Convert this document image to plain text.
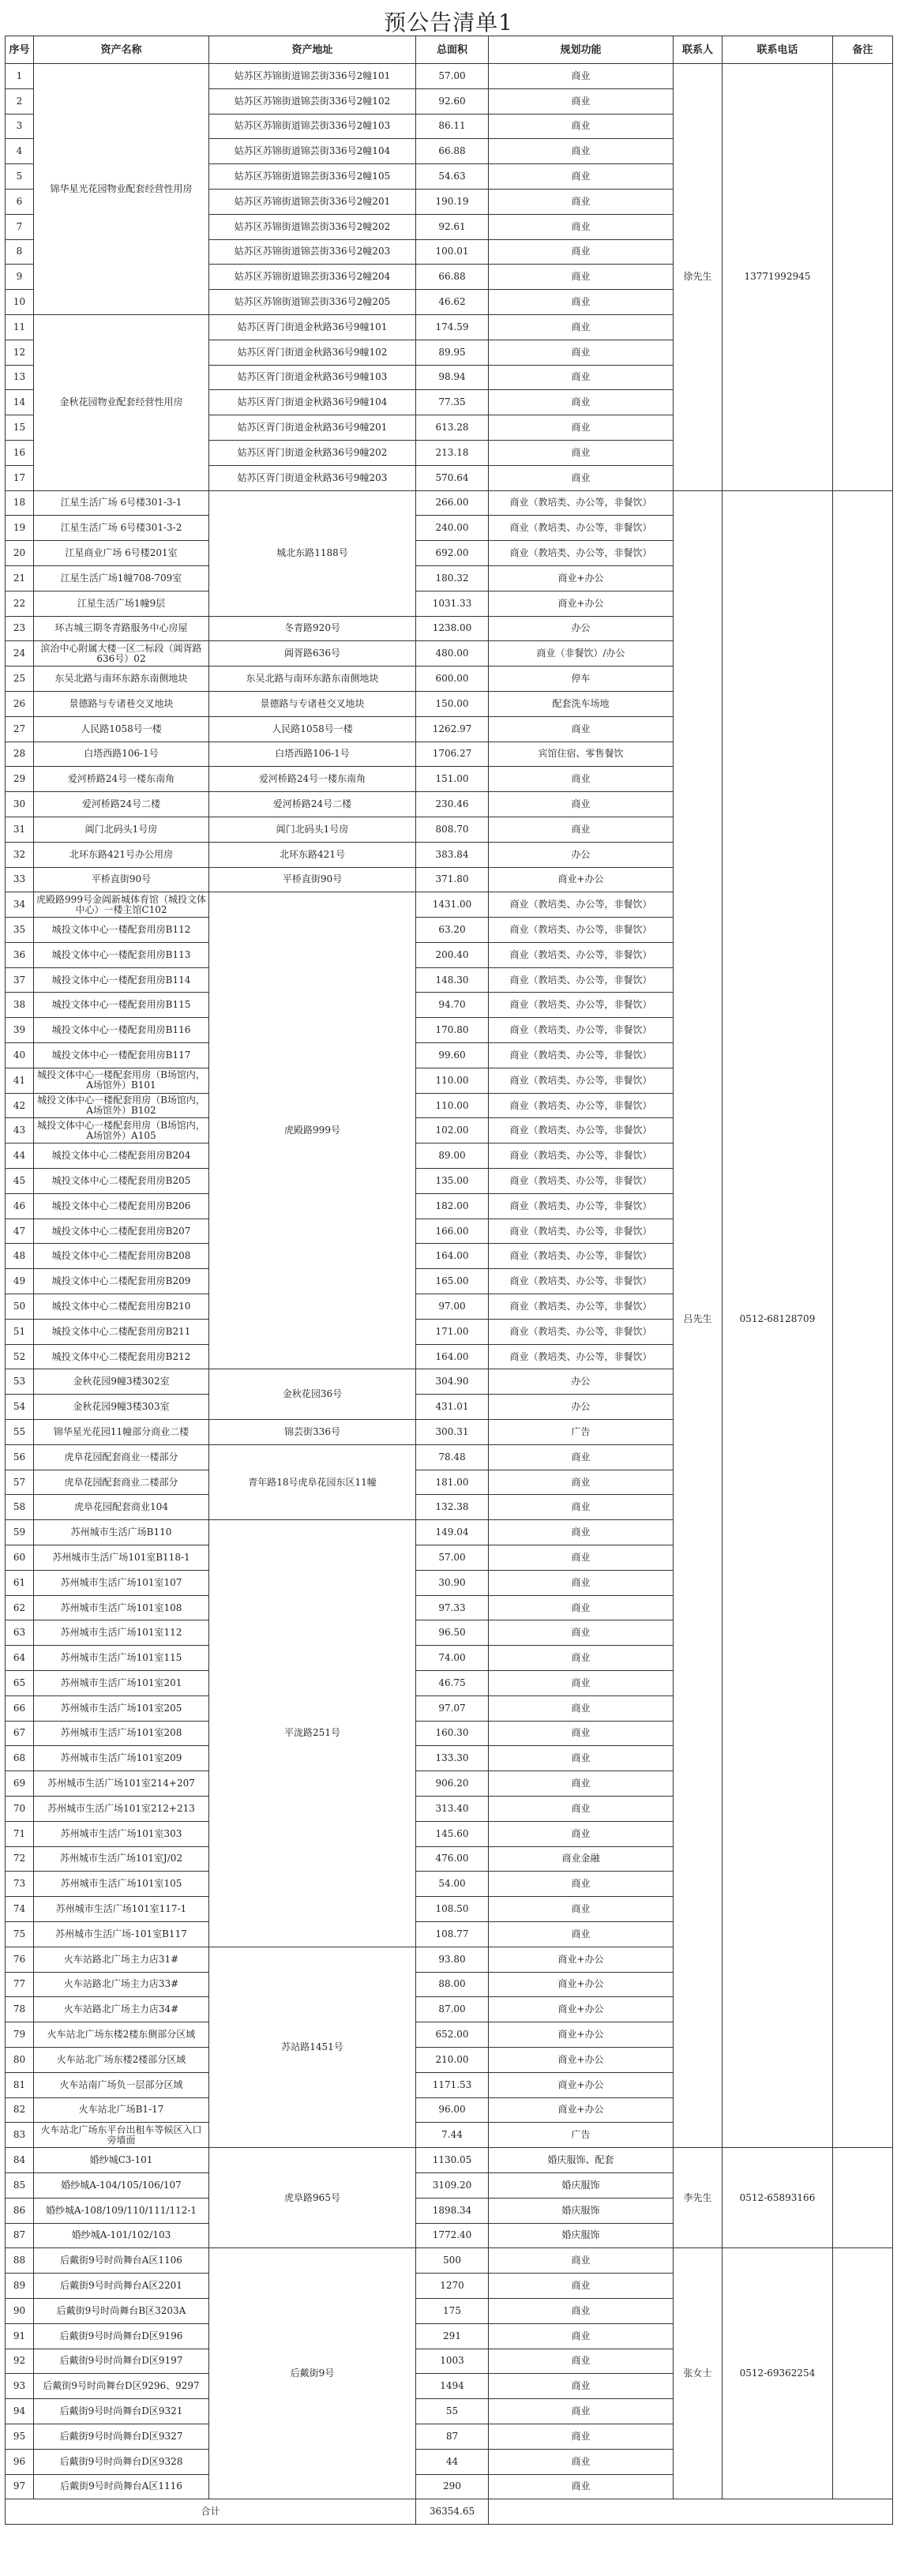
预公告清单1
序号	资产名称	资产地址	总面积	规划功能	联系人	联系电话	备注
1	锦华星光花园物业配套经营性用房	姑苏区苏锦街道锦芸街336号2幢101	57.00	商业	徐先生	13771992945	
2		姑苏区苏锦街道锦芸街336号2幢102	92.60	商业			
3		姑苏区苏锦街道锦芸街336号2幢103	86.11	商业			
4		姑苏区苏锦街道锦芸街336号2幢104	66.88	商业			
5		姑苏区苏锦街道锦芸街336号2幢105	54.63	商业			
6		姑苏区苏锦街道锦芸街336号2幢201	190.19	商业			
7		姑苏区苏锦街道锦芸街336号2幢202	92.61	商业			
8		姑苏区苏锦街道锦芸街336号2幢203	100.01	商业			
9		姑苏区苏锦街道锦芸街336号2幢204	66.88	商业			
10		姑苏区苏锦街道锦芸街336号2幢205	46.62	商业			
11	金秋花园物业配套经营性用房	姑苏区胥门街道金秋路36号9幢101	174.59	商业			
12		姑苏区胥门街道金秋路36号9幢102	89.95	商业			
13		姑苏区胥门街道金秋路36号9幢103	98.94	商业			
14		姑苏区胥门街道金秋路36号9幢104	77.35	商业			
15		姑苏区胥门街道金秋路36号9幢201	613.28	商业			
16		姑苏区胥门街道金秋路36号9幢202	213.18	商业			
17		姑苏区胥门街道金秋路36号9幢203	570.64	商业			
18	江星生活广场 6号楼301-3-1	城北东路1188号	266.00	商业（教培类、办公等，非餐饮）	吕先生	0512-68128709	
19	江星生活广场 6号楼301-3-2		240.00	商业（教培类、办公等，非餐饮）			
20	江星商业广场 6号楼201室		692.00	商业（教培类、办公等，非餐饮）			
21	江星生活广场1幢708-709室		180.32	商业+办公			
22	江星生活广场1幢9层		1031.33	商业+办公			
23	环古城三期冬青路服务中心房屋	冬青路920号	1238.00	办公			
24	滨治中心附属大楼一区二标段（阊胥路636号）02	阊胥路636号	480.00	商业（非餐饮）/办公			
25	东吴北路与南环东路东南侧地块	东吴北路与南环东路东南侧地块	600.00	停车			
26	景德路与专诸巷交叉地块	景德路与专诸巷交叉地块	150.00	配套洗车场地			
27	人民路1058号一楼	人民路1058号一楼	1262.97	商业			
28	白塔西路106-1号	白塔西路106-1号	1706.27	宾馆住宿、零售餐饮			
29	爱河桥路24号一楼东南角	爱河桥路24号一楼东南角	151.00	商业			
30	爱河桥路24号二楼	爱河桥路24号二楼	230.46	商业			
31	阊门北码头1号房	阊门北码头1号房	808.70	商业			
32	北环东路421号办公用房	北环东路421号	383.84	办公			
33	平桥直街90号	平桥直街90号	371.80	商业+办公			
34	虎殿路999号金阊新城体育馆（城投文体中心）一楼主馆C102	虎殿路999号	1431.00	商业（教培类、办公等，非餐饮）			
35	城投文体中心一楼配套用房B112		63.20	商业（教培类、办公等，非餐饮）			
36	城投文体中心一楼配套用房B113		200.40	商业（教培类、办公等，非餐饮）			
37	城投文体中心一楼配套用房B114		148.30	商业（教培类、办公等，非餐饮）			
38	城投文体中心一楼配套用房B115		94.70	商业（教培类、办公等，非餐饮）			
39	城投文体中心一楼配套用房B116		170.80	商业（教培类、办公等，非餐饮）			
40	城投文体中心一楼配套用房B117		99.60	商业（教培类、办公等，非餐饮）			
41	城投文体中心一楼配套用房（B场馆内，A场馆外）B101		110.00	商业（教培类、办公等，非餐饮）			
42	城投文体中心一楼配套用房（B场馆内，A场馆外）B102		110.00	商业（教培类、办公等，非餐饮）			
43	城投文体中心一楼配套用房（B场馆内，A场馆外）A105		102.00	商业（教培类、办公等，非餐饮）			
44	城投文体中心二楼配套用房B204		89.00	商业（教培类、办公等，非餐饮）			
45	城投文体中心二楼配套用房B205		135.00	商业（教培类、办公等，非餐饮）			
46	城投文体中心二楼配套用房B206		182.00	商业（教培类、办公等，非餐饮）			
47	城投文体中心二楼配套用房B207		166.00	商业（教培类、办公等，非餐饮）			
48	城投文体中心二楼配套用房B208		164.00	商业（教培类、办公等，非餐饮）			
49	城投文体中心二楼配套用房B209		165.00	商业（教培类、办公等，非餐饮）			
50	城投文体中心二楼配套用房B210		97.00	商业（教培类、办公等，非餐饮）			
51	城投文体中心二楼配套用房B211		171.00	商业（教培类、办公等，非餐饮）			
52	城投文体中心二楼配套用房B212		164.00	商业（教培类、办公等，非餐饮）			
53	金秋花园9幢3楼302室	金秋花园36号	304.90	办公			
54	金秋花园9幢3楼303室		431.01	办公			
55	锦华星光花园11幢部分商业二楼	锦芸街336号	300.31	广告			
56	虎阜花园配套商业一楼部分	青年路18号虎阜花园东区11幢	78.48	商业			
57	虎阜花园配套商业二楼部分		181.00	商业			
58	虎阜花园配套商业104		132.38	商业			
59	苏州城市生活广场B110	平泷路251号	149.04	商业			
60	苏州城市生活广场101室B118-1		57.00	商业			
61	苏州城市生活广场101室107		30.90	商业			
62	苏州城市生活广场101室108		97.33	商业			
63	苏州城市生活广场101室112		96.50	商业			
64	苏州城市生活广场101室115		74.00	商业			
65	苏州城市生活广场101室201		46.75	商业			
66	苏州城市生活广场101室205		97.07	商业			
67	苏州城市生活广场101室208		160.30	商业			
68	苏州城市生活广场101室209		133.30	商业			
69	苏州城市生活广场101室214+207		906.20	商业			
70	苏州城市生活广场101室212+213		313.40	商业			
71	苏州城市生活广场101室303		145.60	商业			
72	苏州城市生活广场101室J/02		476.00	商业金融			
73	苏州城市生活广场101室105		54.00	商业			
74	苏州城市生活广场101室117-1		108.50	商业			
75	苏州城市生活广场-101室B117		108.77	商业			
76	火车站路北广场主力店31#	苏站路1451号	93.80	商业+办公			
77	火车站路北广场主力店33#		88.00	商业+办公			
78	火车站路北广场主力店34#		87.00	商业+办公			
79	火车站北广场东楼2楼东侧部分区域		652.00	商业+办公			
80	火车站北广场东楼2楼部分区域		210.00	商业+办公			
81	火车站南广场负一层部分区域		1171.53	商业+办公			
82	火车站北广场B1-17		96.00	商业+办公			
83	火车站北广场东平台出租车等候区入口旁墙面		7.44	广告			
84	婚纱城C3-101	虎阜路965号	1130.05	婚庆服饰、配套	李先生	0512-65893166	
85	婚纱城A-104/105/106/107		3109.20	婚庆服饰			
86	婚纱城A-108/109/110/111/112-1		1898.34	婚庆服饰			
87	婚纱城A-101/102/103		1772.40	婚庆服饰			
88	后戴街9号时尚舞台A区1106	后戴街9号	500	商业	张女士	0512-69362254	
89	后戴街9号时尚舞台A区2201		1270	商业			
90	后戴街9号时尚舞台B区3203A		175	商业			
91	后戴街9号时尚舞台D区9196		291	商业			
92	后戴街9号时尚舞台D区9197		1003	商业			
93	后戴街9号时尚舞台D区9296、9297		1494	商业			
94	后戴街9号时尚舞台D区9321		55	商业			
95	后戴街9号时尚舞台D区9327		87	商业			
96	后戴街9号时尚舞台D区9328		44	商业			
97	后戴街9号时尚舞台A区1116		290	商业			
合计			36354.65				
